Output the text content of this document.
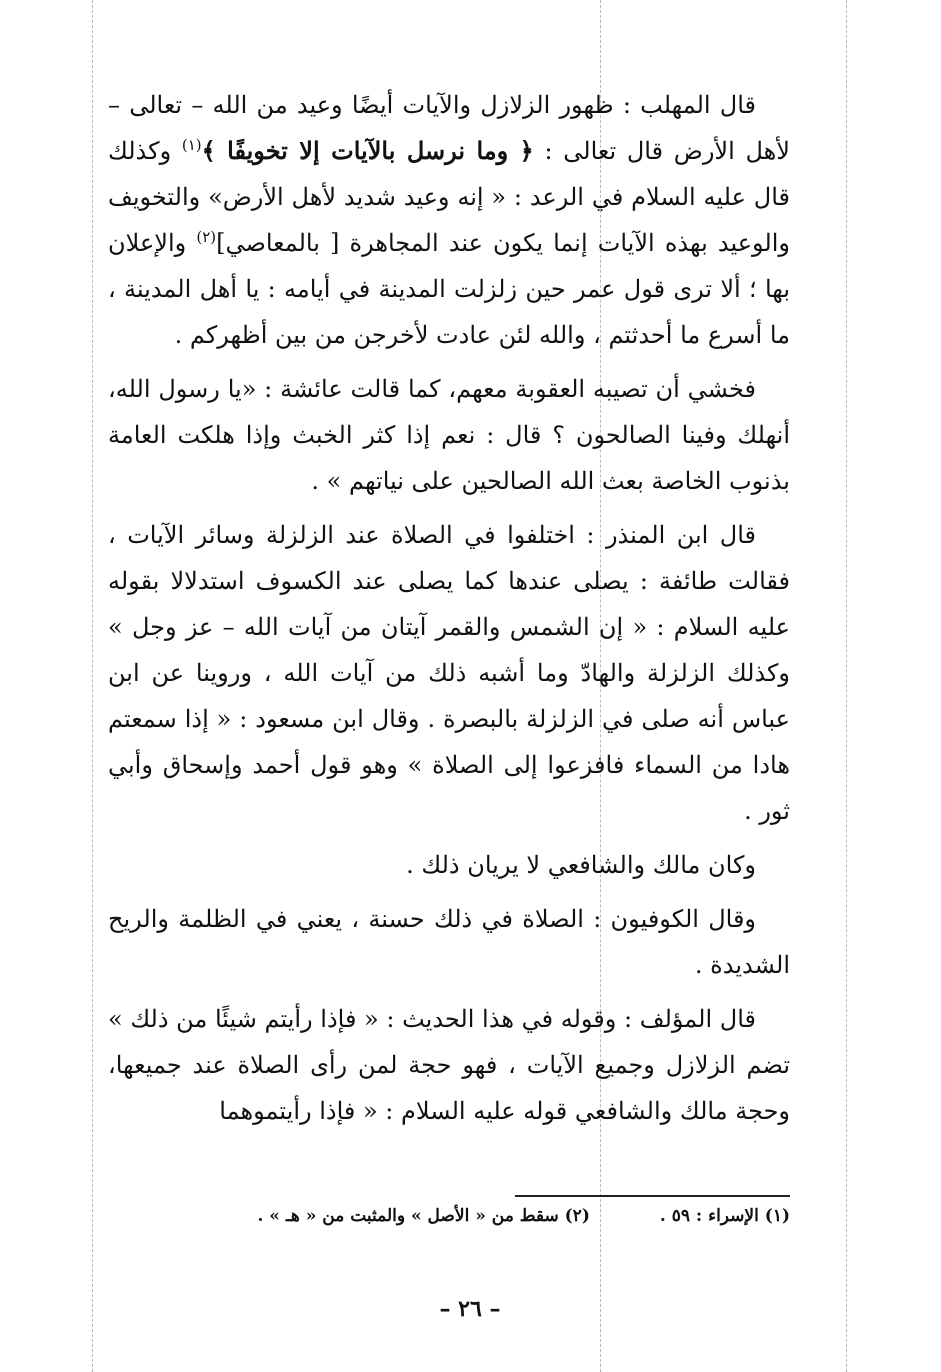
قال المهلب : ظهور الزلازل والآيات أيضًا وعيد من الله – تعالى – لأهل الأرض قال تعالى : ﴿ وما نرسل بالآيات إلا تخويفًا ﴾$^{(١)}$ وكذلك قال عليه السلام في الرعد : « إنه وعيد شديد لأهل الأرض» والتخويف والوعيد بهذه الآيات إنما يكون عند المجاهرة [ بالمعاصي]$^{(٢)}$ والإعلان بها ؛ ألا ترى قول عمر حين زلزلت المدينة في أيامه : يا أهل المدينة ، ما أسرع ما أحدثتم ، والله لئن عادت لأخرجن من بين أظهركم .

فخشي أن تصيبه العقوبة معهم، كما قالت عائشة : «يا رسول الله، أنهلك وفينا الصالحون ؟ قال : نعم إذا كثر الخبث وإذا هلكت العامة بذنوب الخاصة بعث الله الصالحين على نياتهم » .

قال ابن المنذر : اختلفوا في الصلاة عند الزلزلة وسائر الآيات ، فقالت طائفة : يصلى عندها كما يصلى عند الكسوف استدلالا بقوله عليه السلام : « إن الشمس والقمر آيتان من آيات الله – عز وجل » وكذلك الزلزلة والهادّ وما أشبه ذلك من آيات الله ، وروينا عن ابن عباس أنه صلى في الزلزلة بالبصرة . وقال ابن مسعود : « إذا سمعتم هادا من السماء فافزعوا إلى الصلاة » وهو قول أحمد وإسحاق وأبي ثور .

وكان مالك والشافعي لا يريان ذلك .

وقال الكوفيون : الصلاة في ذلك حسنة ، يعني في الظلمة والريح الشديدة .

قال المؤلف : وقوله في هذا الحديث : « فإذا رأيتم شيئًا من ذلك » تضم الزلازل وجميع الآيات ، فهو حجة لمن رأى الصلاة عند جميعها، وحجة مالك والشافعي قوله عليه السلام : « فإذا رأيتموهما

(١) الإسراء : ٥٩ .
(٢) سقط من « الأصل » والمثبت من « هـ » .
– ٢٦ –
